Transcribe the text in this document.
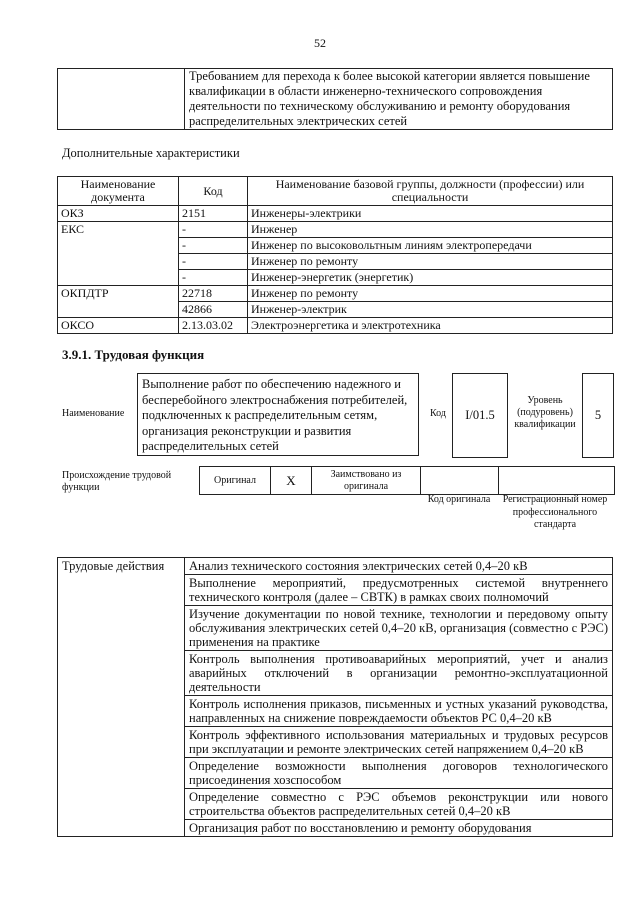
52
	Требованием для перехода к более высокой категории является повышение квалификации в области инженерно-технического сопровождения деятельности по техническому обслуживанию и ремонту оборудования распределительных электрических сетей
Дополнительные характеристики
Наименование документа	Код	Наименование базовой группы, должности (профессии) или специальности
ОКЗ	2151	Инженеры-электрики
ЕКС	-	Инженер
	-	Инженер по высоковольтным линиям электропередачи
	-	Инженер по ремонту
	-	Инженер-энергетик (энергетик)
ОКПДТР	22718	Инженер по ремонту
	42866	Инженер-электрик
ОКСО	2.13.03.02	Электроэнергетика и электротехника
3.9.1. Трудовая функция
Наименование
Выполнение работ по обеспечению надежного и бесперебойного электроснабжения потребителей, подключенных к распределительным сетям, организация реконструкции и развития распределительных сетей
Код	I/01.5
Уровень (подуровень) квалификации
5
Происхождение трудовой функции
Оригинал	X	Заимствовано из оригинала
Код оригинала	Регистрационный номер профессионального стандарта
Трудовые действия	Анализ технического состояния электрических сетей 0,4–20 кВ
Выполнение мероприятий, предусмотренных системой внутреннего технического контроля (далее – СВТК) в рамках своих полномочий
Изучение документации по новой технике, технологии и передовому опыту обслуживания электрических сетей 0,4–20 кВ, организация (совместно с РЭС) применения на практике
Контроль выполнения противоаварийных мероприятий, учет и анализ аварийных отключений в организации ремонтно-эксплуатационной деятельности
Контроль исполнения приказов, письменных и устных указаний руководства, направленных на снижение повреждаемости объектов РС 0,4–20 кВ
Контроль эффективного использования материальных и трудовых ресурсов при эксплуатации и ремонте электрических сетей напряжением 0,4–20 кВ
Определение возможности выполнения договоров технологического присоединения хозспособом
Определение совместно с РЭС объемов реконструкции или нового строительства объектов распределительных сетей 0,4–20 кВ
Организация работ по восстановлению и ремонту оборудования
